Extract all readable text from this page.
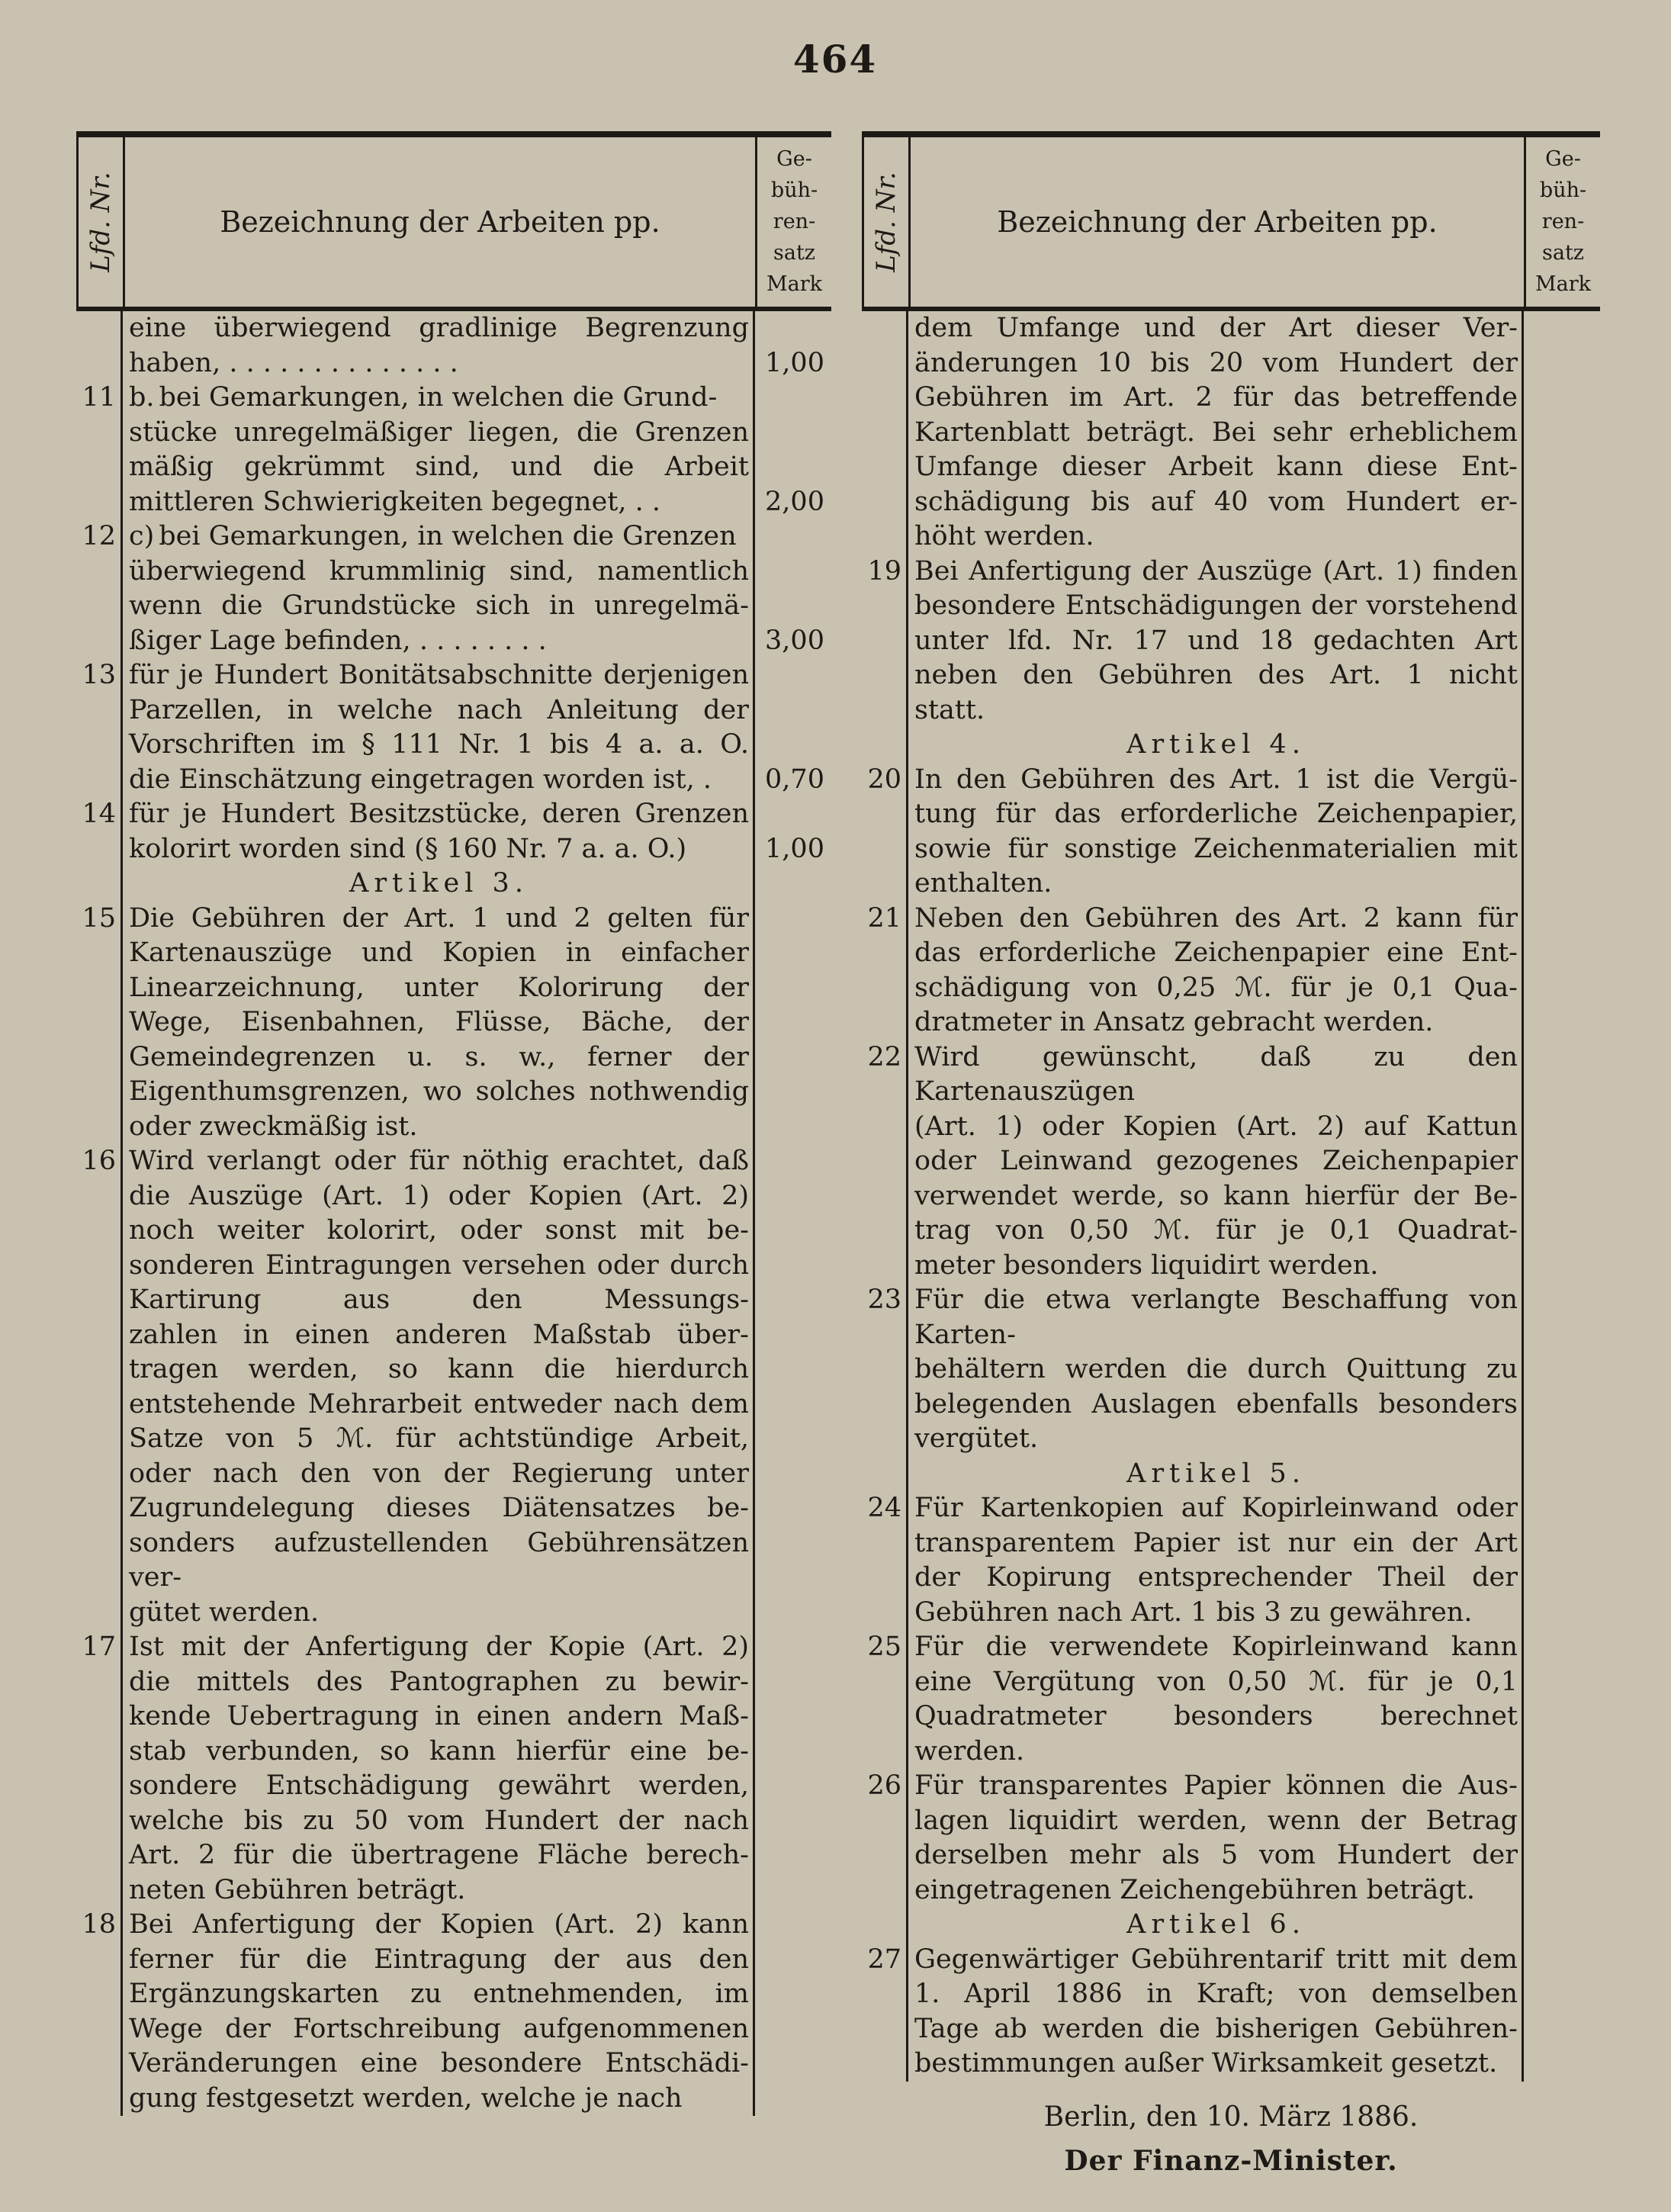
464
Lfd. Nr.	Bezeichnung der Arbeiten pp.
Ge-
büh-
ren-
satz
Mark
eine überwiegend gradlinige Begrenzung
haben, . . . . . . . . . . . . . .	1,00
11 b. bei Gemarkungen, in welchen die Grund-
stücke unregelmäßiger liegen, die Grenzen
mäßig gekrümmt sind, und die Arbeit
mittleren Schwierigkeiten begegnet, . .	2,00
12 c) bei Gemarkungen, in welchen die Grenzen
überwiegend krummlinig sind, namentlich
wenn die Grundstücke sich in unregelmä-
ßiger Lage befinden, . . . . . . . .	3,00
13 für je Hundert Bonitätsabschnitte derjenigen
Parzellen, in welche nach Anleitung der
Vorschriften im § 111 Nr. 1 bis 4 a. a. O.
die Einschätzung eingetragen worden ist, .	0,70
14 für je Hundert Besitzstücke, deren Grenzen
kolorirt worden sind (§ 160 Nr. 7 a. a. O.)	1,00
Artikel 3.
15 Die Gebühren der Art. 1 und 2 gelten für
Kartenauszüge und Kopien in einfacher
Linearzeichnung, unter Kolorirung der
Wege, Eisenbahnen, Flüsse, Bäche, der
Gemeindegrenzen u. s. w., ferner der
Eigenthumsgrenzen, wo solches nothwendig
oder zweckmäßig ist.
16 Wird verlangt oder für nöthig erachtet, daß
die Auszüge (Art. 1) oder Kopien (Art. 2)
noch weiter kolorirt, oder sonst mit be-
sonderen Eintragungen versehen oder durch
Kartirung aus den Messungs-
zahlen in einen anderen Maßstab über-
tragen werden, so kann die hierdurch
entstehende Mehrarbeit entweder nach dem
Satze von 5 ℳ. für achtstündige Arbeit,
oder nach den von der Regierung unter
Zugrundelegung dieses Diätensatzes be-
sonders aufzustellenden Gebührensätzen ver-
gütet werden.
17 Ist mit der Anfertigung der Kopie (Art. 2)
die mittels des Pantographen zu bewir-
kende Uebertragung in einen andern Maß-
stab verbunden, so kann hierfür eine be-
sondere Entschädigung gewährt werden,
welche bis zu 50 vom Hundert der nach
Art. 2 für die übertragene Fläche berech-
neten Gebühren beträgt.
18 Bei Anfertigung der Kopien (Art. 2) kann
ferner für die Eintragung der aus den
Ergänzungskarten zu entnehmenden, im
Wege der Fortschreibung aufgenommenen
Veränderungen eine besondere Entschädi-
gung festgesetzt werden, welche je nach
Lfd. Nr.	Bezeichnung der Arbeiten pp.
Ge-
büh-
ren-
satz
Mark
dem Umfange und der Art dieser Ver-
änderungen 10 bis 20 vom Hundert der
Gebühren im Art. 2 für das betreffende
Kartenblatt beträgt. Bei sehr erheblichem
Umfange dieser Arbeit kann diese Ent-
schädigung bis auf 40 vom Hundert er-
höht werden.
19 Bei Anfertigung der Auszüge (Art. 1) finden
besondere Entschädigungen der vorstehend
unter lfd. Nr. 17 und 18 gedachten Art
neben den Gebühren des Art. 1 nicht
statt.
Artikel 4.
20 In den Gebühren des Art. 1 ist die Vergü-
tung für das erforderliche Zeichenpapier,
sowie für sonstige Zeichenmaterialien mit
enthalten.
21 Neben den Gebühren des Art. 2 kann für
das erforderliche Zeichenpapier eine Ent-
schädigung von 0,25 ℳ. für je 0,1 Qua-
dratmeter in Ansatz gebracht werden.
22 Wird gewünscht, daß zu den Kartenauszügen
(Art. 1) oder Kopien (Art. 2) auf Kattun
oder Leinwand gezogenes Zeichenpapier
verwendet werde, so kann hierfür der Be-
trag von 0,50 ℳ. für je 0,1 Quadrat-
meter besonders liquidirt werden.
23 Für die etwa verlangte Beschaffung von Karten-
behältern werden die durch Quittung zu
belegenden Auslagen ebenfalls besonders
vergütet.
Artikel 5.
24 Für Kartenkopien auf Kopirleinwand oder
transparentem Papier ist nur ein der Art
der Kopirung entsprechender Theil der
Gebühren nach Art. 1 bis 3 zu gewähren.
25 Für die verwendete Kopirleinwand kann
eine Vergütung von 0,50 ℳ. für je 0,1
Quadratmeter besonders berechnet werden.
26 Für transparentes Papier können die Aus-
lagen liquidirt werden, wenn der Betrag
derselben mehr als 5 vom Hundert der
eingetragenen Zeichengebühren beträgt.
Artikel 6.
27 Gegenwärtiger Gebührentarif tritt mit dem
1. April 1886 in Kraft; von demselben
Tage ab werden die bisherigen Gebühren-
bestimmungen außer Wirksamkeit gesetzt.
Berlin, den 10. März 1886.
Der Finanz-Minister.
